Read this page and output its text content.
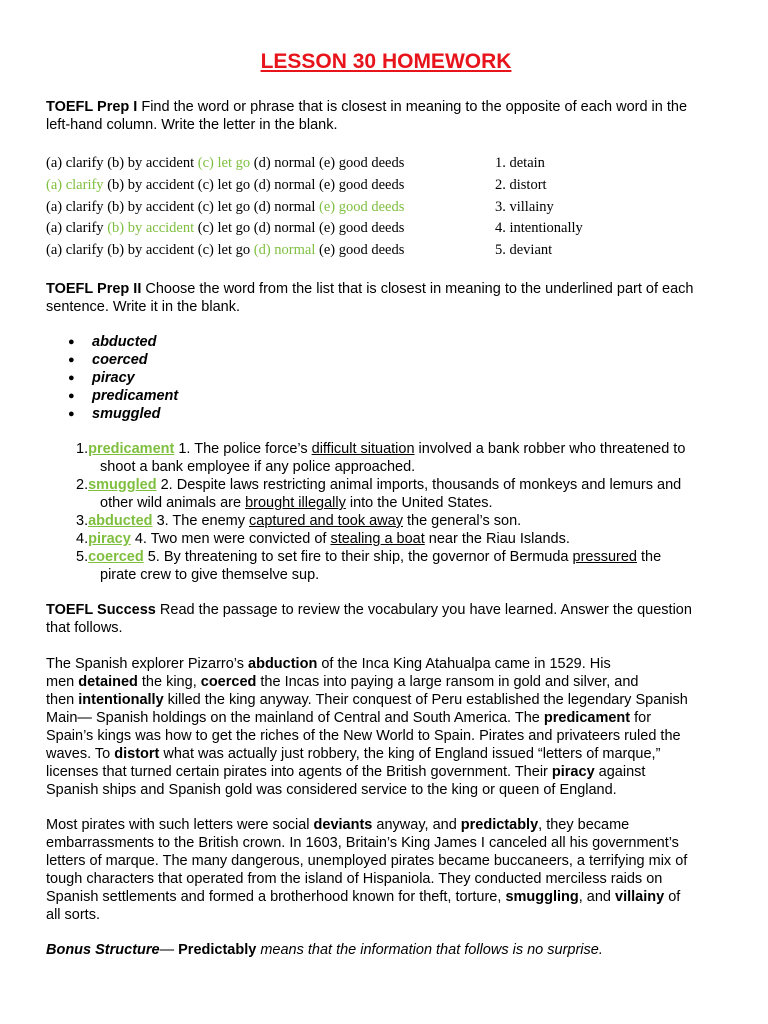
LESSON 30 HOMEWORK
TOEFL Prep I Find the word or phrase that is closest in meaning to the opposite of each word in the
left-hand column. Write the letter in the blank.
(a) clarify (b) by accident (c) let go (d) normal (e) good deeds	1. detain
(a) clarify (b) by accident (c) let go (d) normal (e) good deeds	2. distort
(a) clarify (b) by accident (c) let go (d) normal (e) good deeds	3. villainy
(a) clarify (b) by accident (c) let go (d) normal (e) good deeds	4. intentionally
(a) clarify (b) by accident (c) let go (d) normal (e) good deeds	5. deviant
TOEFL Prep II Choose the word from the list that is closest in meaning to the underlined part of each
sentence. Write it in the blank.
● abducted
● coerced
● piracy
● predicament
● smuggled
1.predicament 1. The police force’s difficult situation involved a bank robber who threatened to
shoot a bank employee if any police approached.
2.smuggled 2. Despite laws restricting animal imports, thousands of monkeys and lemurs and
other wild animals are brought illegally into the United States.
3.abducted 3. The enemy captured and took away the general’s son.
4.piracy 4. Two men were convicted of stealing a boat near the Riau Islands.
5.coerced 5. By threatening to set fire to their ship, the governor of Bermuda pressured the
pirate crew to give themselve sup.
TOEFL Success Read the passage to review the vocabulary you have learned. Answer the question
that follows.
The Spanish explorer Pizarro’s abduction of the Inca King Atahualpa came in 1529. His
men detained the king, coerced the Incas into paying a large ransom in gold and silver, and
then intentionally killed the king anyway. Their conquest of Peru established the legendary Spanish
Main— Spanish holdings on the mainland of Central and South America. The predicament for
Spain’s kings was how to get the riches of the New World to Spain. Pirates and privateers ruled the
waves. To distort what was actually just robbery, the king of England issued “letters of marque,”
licenses that turned certain pirates into agents of the British government. Their piracy against
Spanish ships and Spanish gold was considered service to the king or queen of England.
Most pirates with such letters were social deviants anyway, and predictably, they became
embarrassments to the British crown. In 1603, Britain’s King James I canceled all his government’s
letters of marque. The many dangerous, unemployed pirates became buccaneers, a terrifying mix of
tough characters that operated from the island of Hispaniola. They conducted merciless raids on
Spanish settlements and formed a brotherhood known for theft, torture, smuggling, and villainy of
all sorts.
Bonus Structure— Predictably means that the information that follows is no surprise.
